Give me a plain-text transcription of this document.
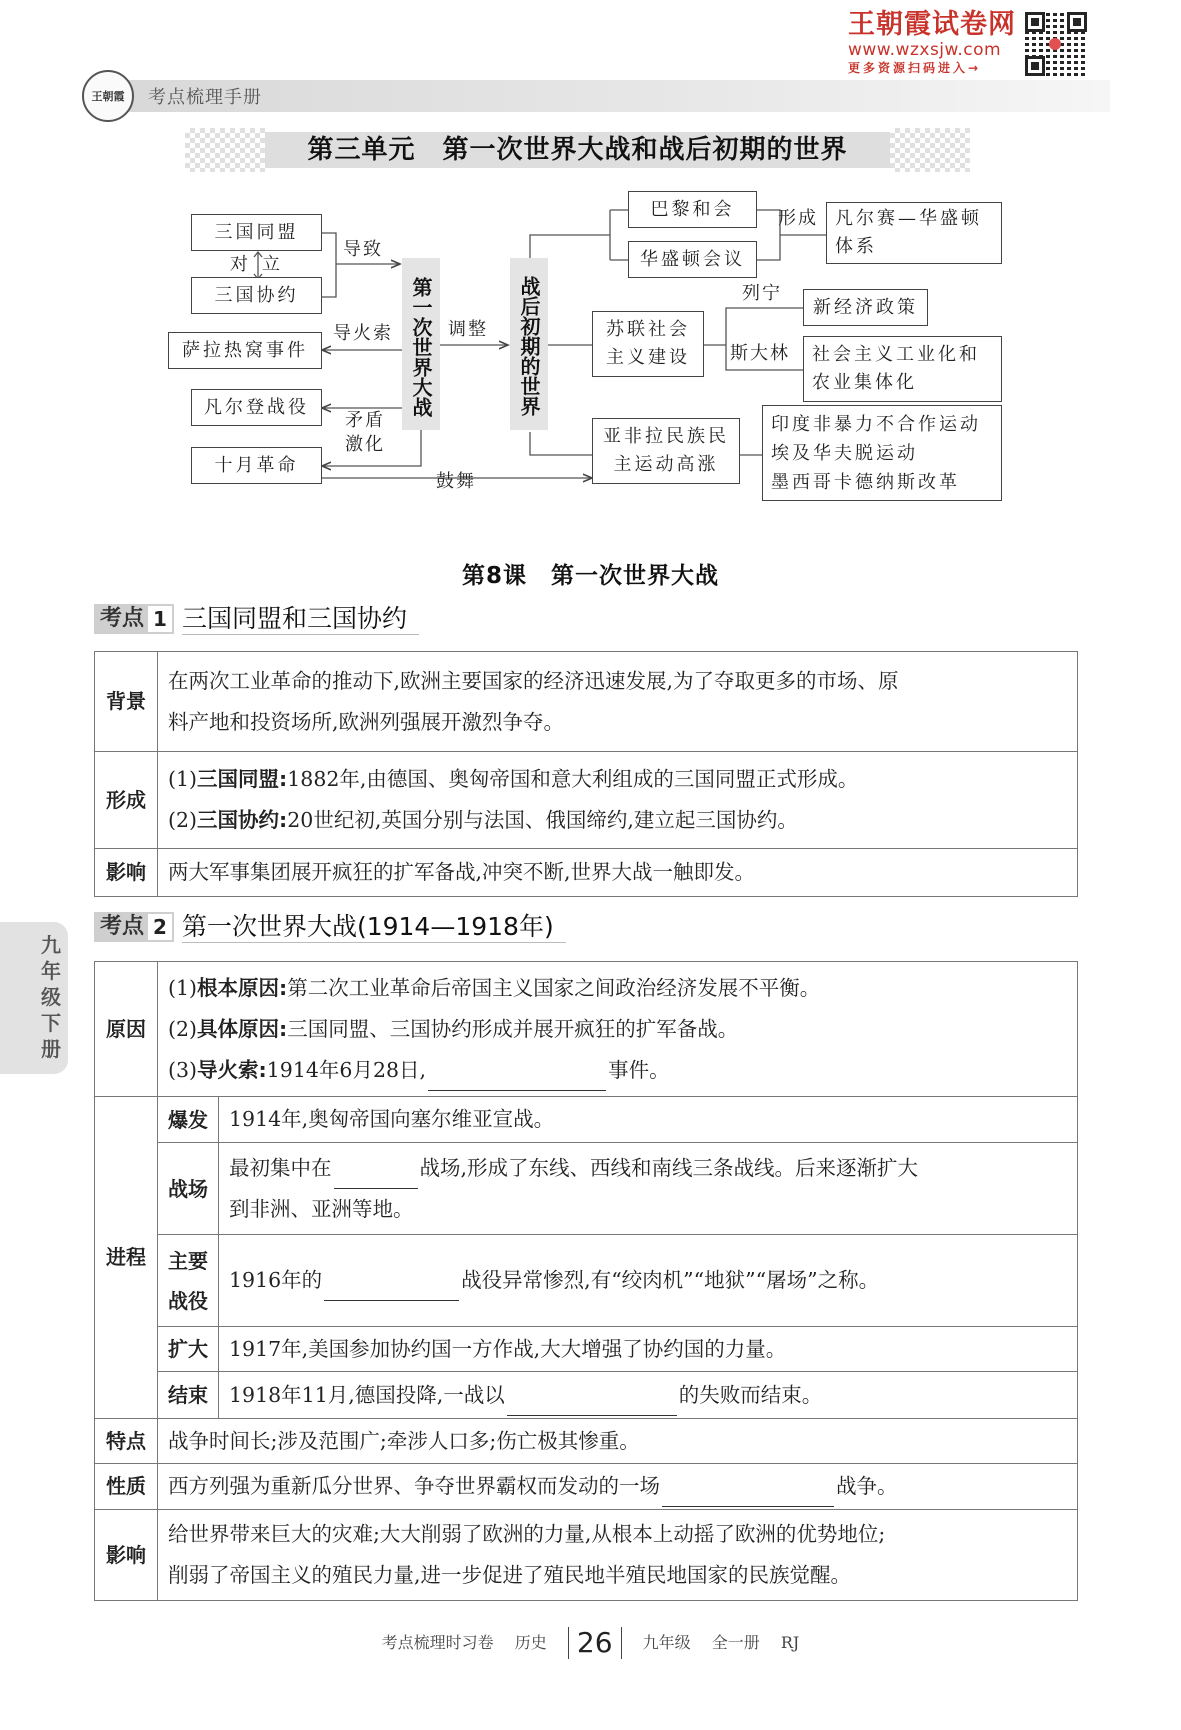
王朝霞 考点梳理手册
王朝霞试卷网
www.wzxsjw.com
更多资源扫码进入→
第三单元　第一次世界大战和战后初期的世界
三国同盟
对 立
三国协约
导致
萨拉热窝事件
导火索
凡尔登战役
矛盾
激化
十月革命
鼓舞
第一次世界大战 调整	战后初期的世界
巴黎和会
华盛顿会议
形成 凡尔赛—华盛顿体系
苏联社会主义建设
列宁
斯大林
新经济政策
社会主义工业化和农业集体化
亚非拉民族民主运动高涨
印度非暴力不合作运动
埃及华夫脱运动
墨西哥卡德纳斯改革
第8课　第一次世界大战
考点 1 三国同盟和三国协约
背景	在两次工业革命的推动下,欧洲主要国家的经济迅速发展,为了夺取更多的市场、原
料产地和投资场所,欧洲列强展开激烈争夺。

形成	(1)三国同盟:1882年,由德国、奥匈帝国和意大利组成的三国同盟正式形成。
(2)三国协约:20世纪初,英国分别与法国、俄国缔约,建立起三国协约。

影响	两大军事集团展开疯狂的扩军备战,冲突不断,世界大战一触即发。
考点 2 第一次世界大战(1914—1918年)
九年级下册
原因	(1)根本原因:第二次工业革命后帝国主义国家之间政治经济发展不平衡。
(2)具体原因:三国同盟、三国协约形成并展开疯狂的扩军备战。
(3)导火索:1914年6月28日, 事件。	

进程	爆发	1914年,奥匈帝国向塞尔维亚宣战。
	战场	最初集中在 战场,形成了东线、西线和南线三条战线。后来逐渐扩大
到非洲、亚洲等地。

	主要
战役	1916年的 战役异常惨烈,有“绞肉机”“地狱”“屠场”之称。
	扩大	1917年,美国参加协约国一方作战,大大增强了协约国的力量。
	结束	1918年11月,德国投降,一战以 的失败而结束。
特点	战争时间长;涉及范围广;牵涉人口多;伤亡极其惨重。	
性质	西方列强为重新瓜分世界、争夺世界霸权而发动的一场 战争。	
影响	给世界带来巨大的灾难;大大削弱了欧洲的力量,从根本上动摇了欧洲的优势地位;
削弱了帝国主义的殖民力量,进一步促进了殖民地半殖民地国家的民族觉醒。	
考点梳理时习卷 历史 26 九年级 全一册 RJ
